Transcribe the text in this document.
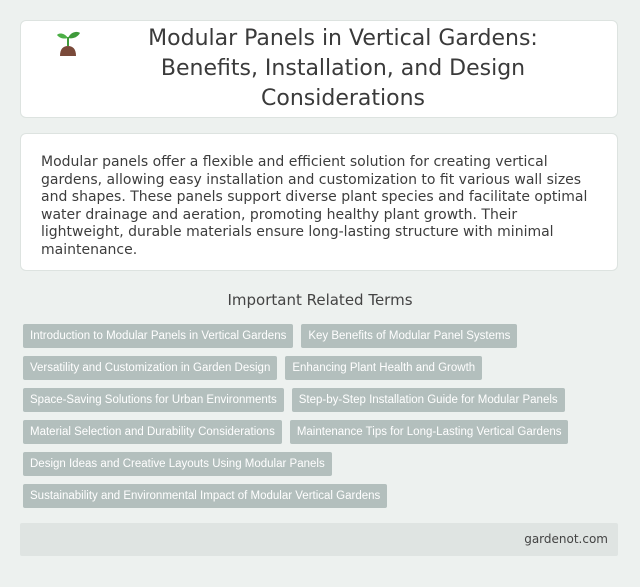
Modular Panels in Vertical Gardens: Benefits, Installation, and Design Considerations

Modular panels offer a flexible and efficient solution for creating vertical gardens, allowing easy installation and customization to fit various wall sizes and shapes. These panels support diverse plant species and facilitate optimal water drainage and aeration, promoting healthy plant growth. Their lightweight, durable materials ensure long-lasting structure with minimal maintenance.

Important Related Terms
Introduction to Modular Panels in Vertical Gardens	Key Benefits of Modular Panel Systems
Versatility and Customization in Garden Design	Enhancing Plant Health and Growth
Space-Saving Solutions for Urban Environments	Step-by-Step Installation Guide for Modular Panels
Material Selection and Durability Considerations	Maintenance Tips for Long-Lasting Vertical Gardens
Design Ideas and Creative Layouts Using Modular Panels
Sustainability and Environmental Impact of Modular Vertical Gardens
gardenot.com
